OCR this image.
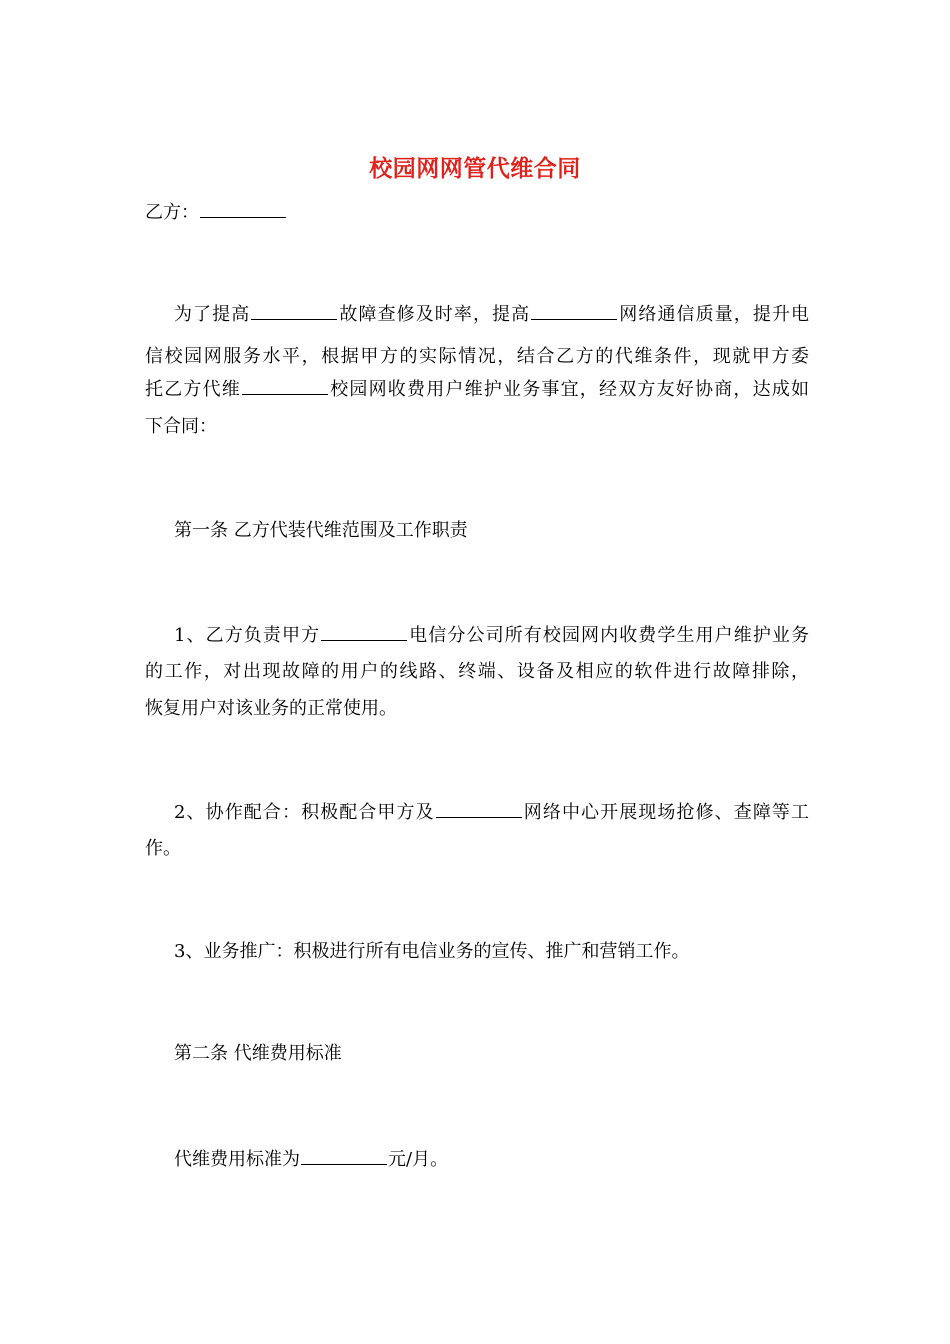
校园网网管代维合同
乙方：
为了提高	故障查修及时率，提高	网络通信质量，提升电
信校园网服务水平，根据甲方的实际情况，结合乙方的代维条件，现就甲方委
托乙方代维	校园网收费用户维护业务事宜，经双方友好协商，达成如
下合同：
第一条 乙方代装代维范围及工作职责
1、乙方负责甲方	电信分公司所有校园网内收费学生用户维护业务
的工作，对出现故障的用户的线路、终端、设备及相应的软件进行故障排除，
恢复用户对该业务的正常使用。
2、协作配合：积极配合甲方及	网络中心开展现场抢修、查障等工
作。
3、业务推广：积极进行所有电信业务的宣传、推广和营销工作。
第二条 代维费用标准
代维费用标准为	元/月。
